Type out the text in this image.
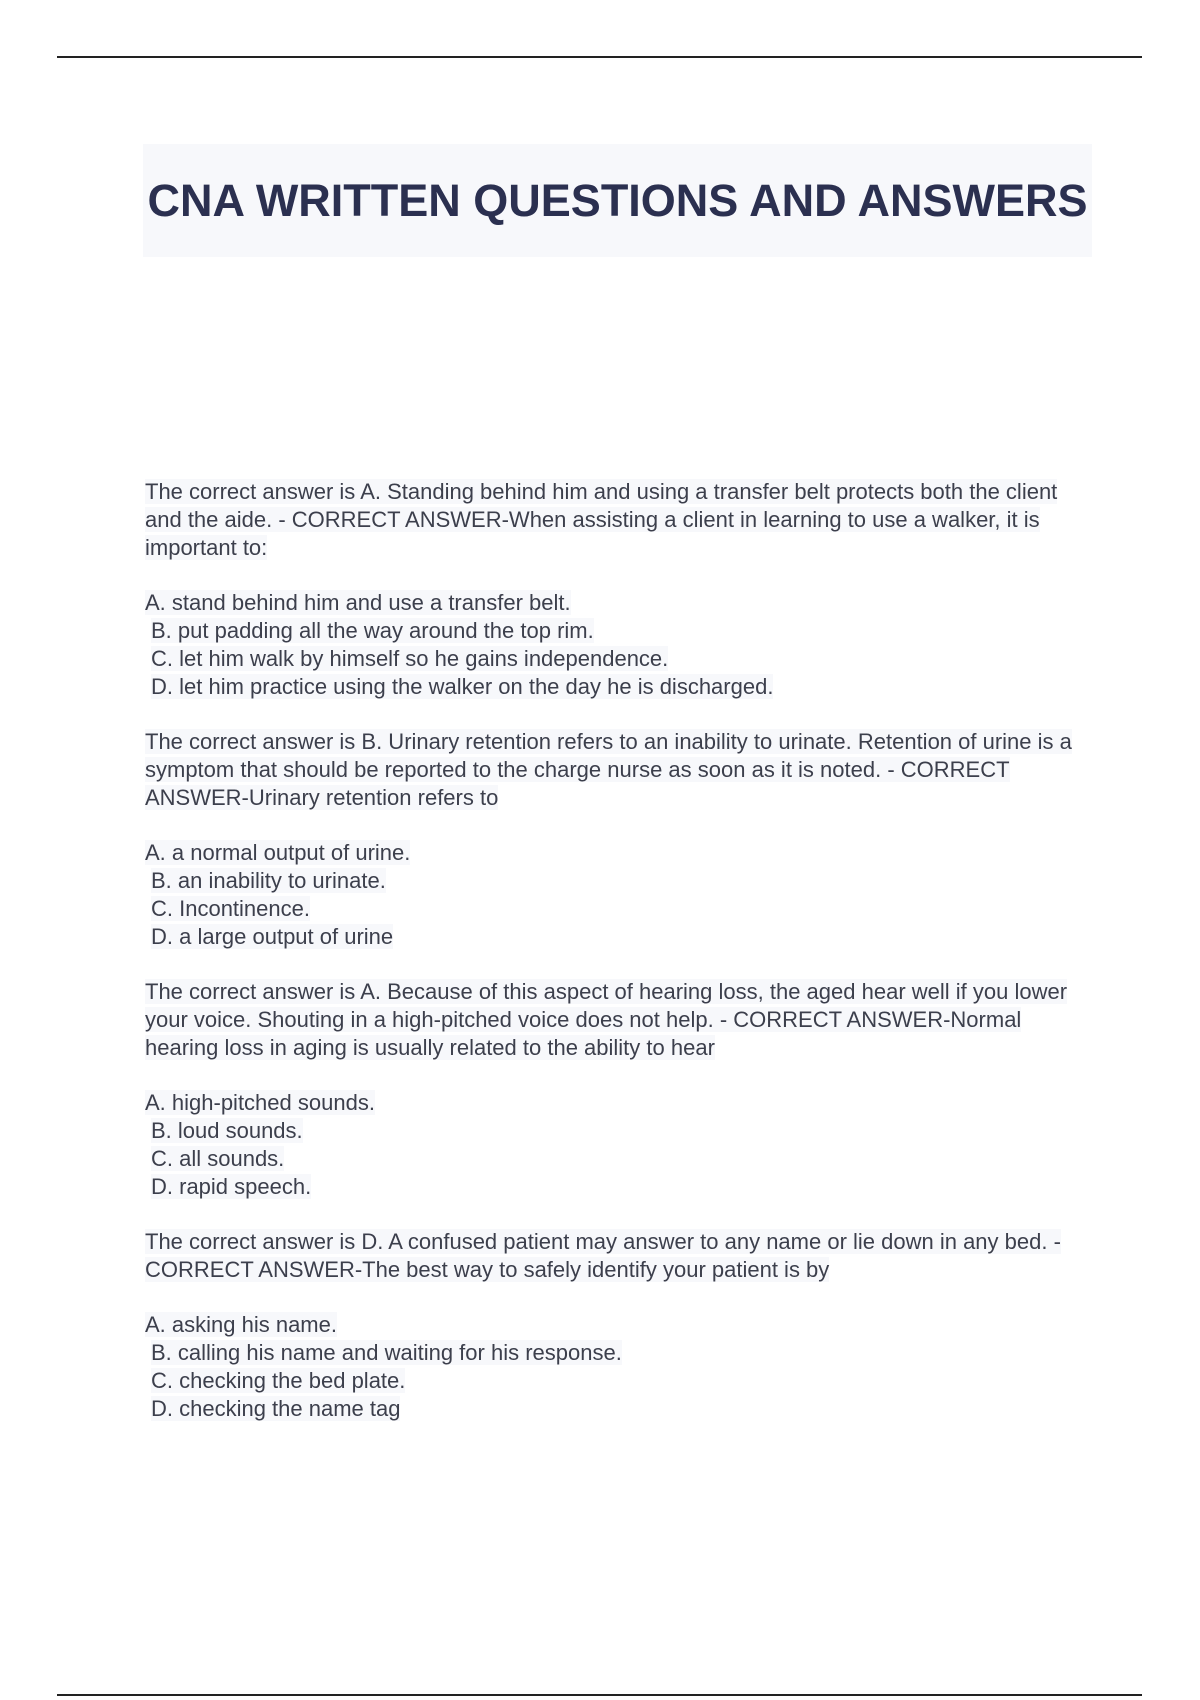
CNA WRITTEN QUESTIONS AND ANSWERS

The correct answer is A. Standing behind him and using a transfer belt protects both the client and the aide. - CORRECT ANSWER-When assisting a client in learning to use a walker, it is important to:

A. stand behind him and use a transfer belt.
B. put padding all the way around the top rim.
C. let him walk by himself so he gains independence.
D. let him practice using the walker on the day he is discharged.

The correct answer is B. Urinary retention refers to an inability to urinate. Retention of urine is a symptom that should be reported to the charge nurse as soon as it is noted. - CORRECT ANSWER-Urinary retention refers to

A. a normal output of urine.
B. an inability to urinate.
C. Incontinence.
D. a large output of urine

The correct answer is A. Because of this aspect of hearing loss, the aged hear well if you lower your voice. Shouting in a high-pitched voice does not help. - CORRECT ANSWER-Normal hearing loss in aging is usually related to the ability to hear

A. high-pitched sounds.
B. loud sounds.
C. all sounds.
D. rapid speech.

The correct answer is D. A confused patient may answer to any name or lie down in any bed. - CORRECT ANSWER-The best way to safely identify your patient is by

A. asking his name.
B. calling his name and waiting for his response.
C. checking the bed plate.
D. checking the name tag
